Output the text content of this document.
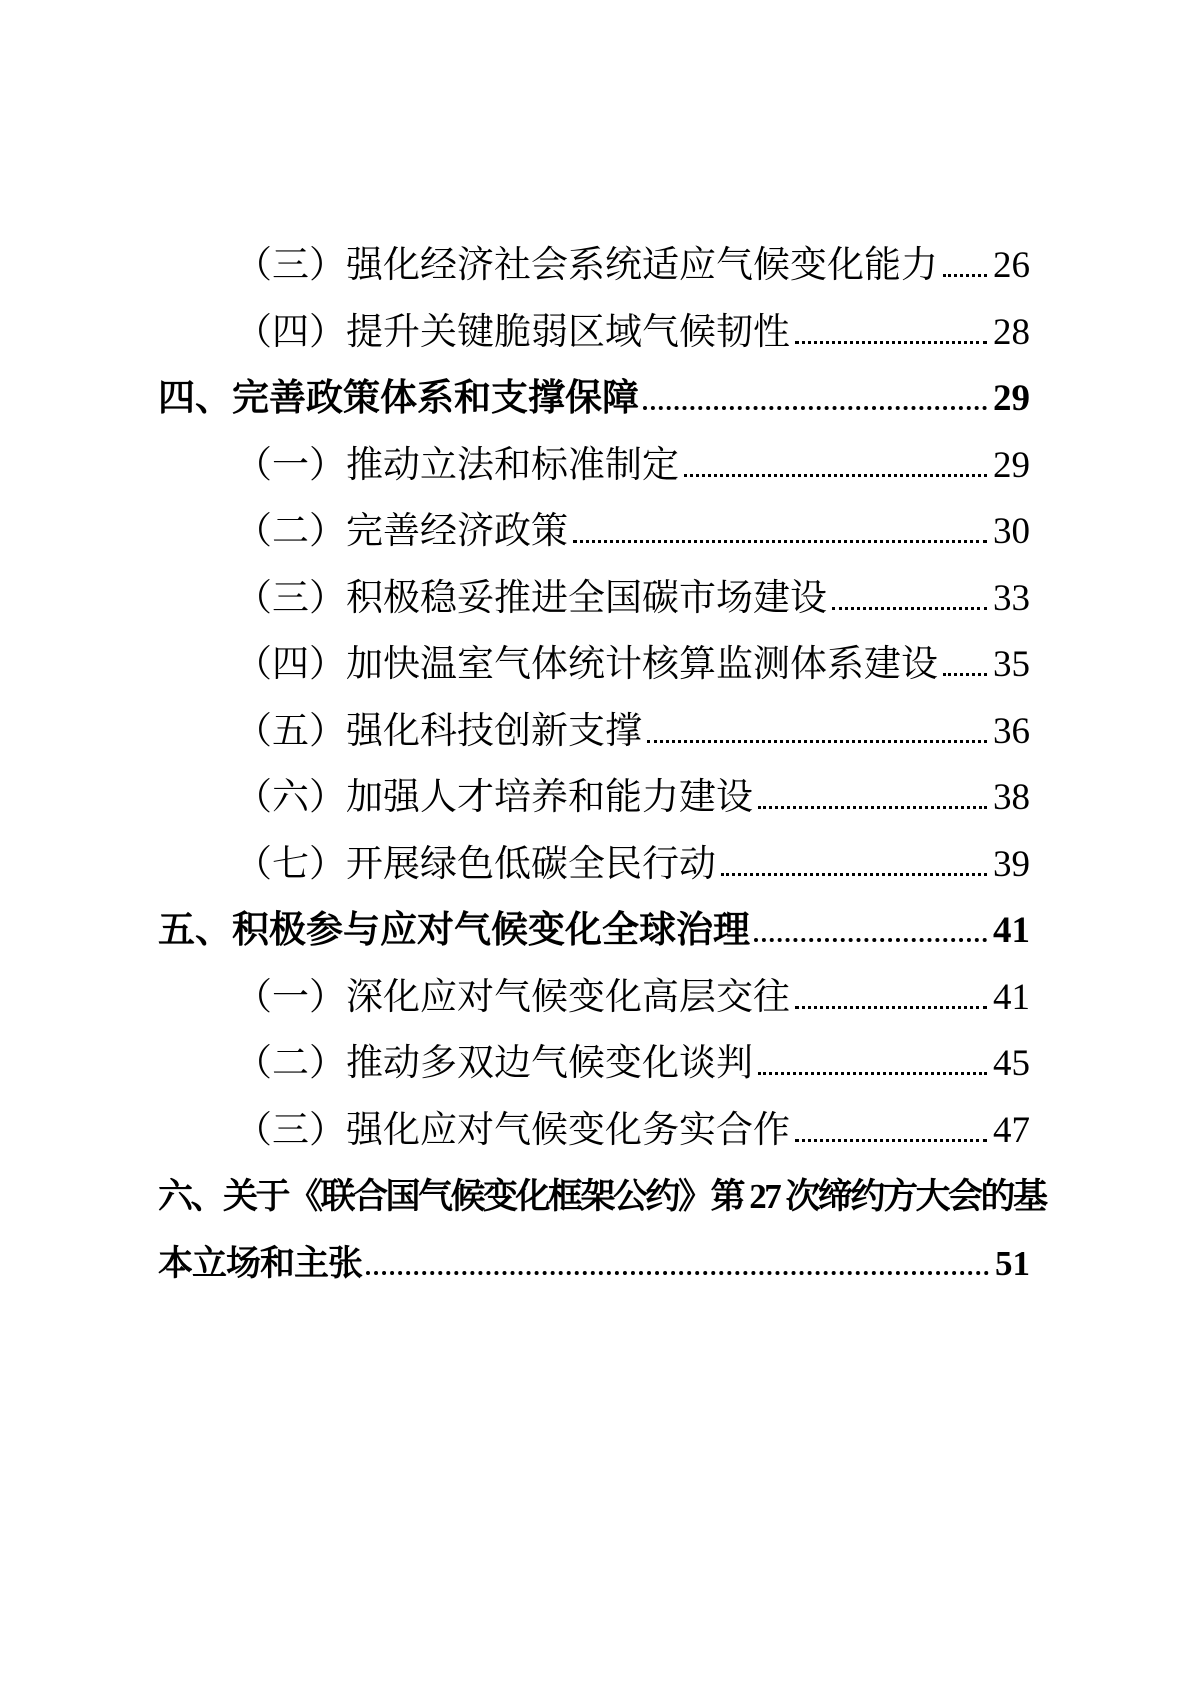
（三）强化经济社会系统适应气候变化能力 26
（四）提升关键脆弱区域气候韧性	28
四、完善政策体系和支撑保障	29
（一）推动立法和标准制定	29
（二）完善经济政策	30
（三）积极稳妥推进全国碳市场建设	33
（四）加快温室气体统计核算监测体系建设 35
（五）强化科技创新支撑	36
（六）加强人才培养和能力建设	38
（七）开展绿色低碳全民行动	39
五、积极参与应对气候变化全球治理	41
（一）深化应对气候变化高层交往	41
（二）推动多双边气候变化谈判	45
（三）强化应对气候变化务实合作	47
六、关于《联合国气候变化框架公约》第 27 次缔约方大会的基
本立场和主张	51
